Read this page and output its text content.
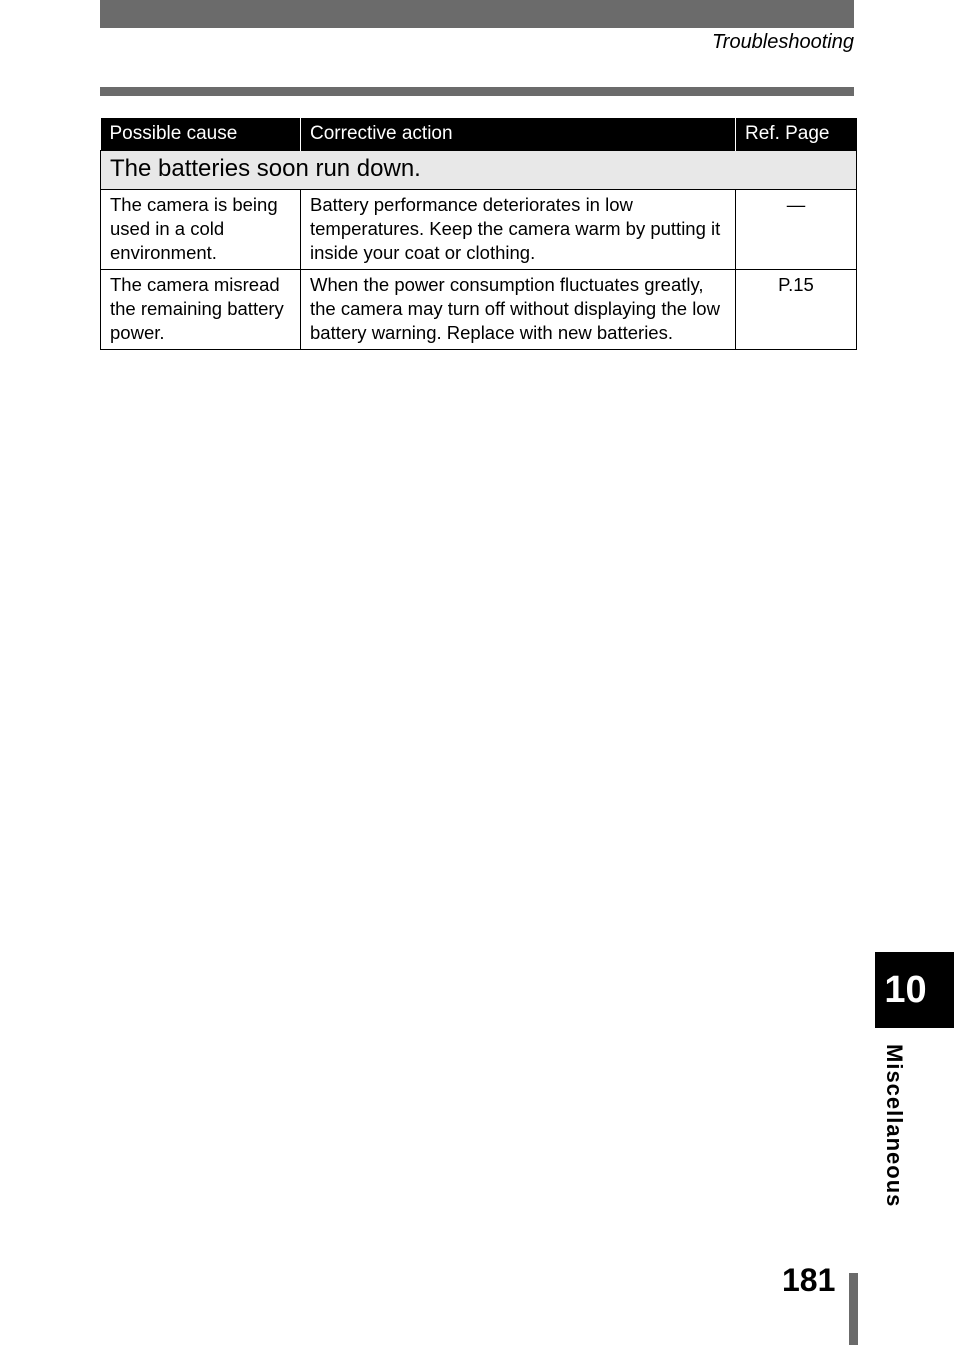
Troubleshooting
Possible cause	Corrective action	Ref. Page
The batteries soon run down.		
The camera is being used in a cold environment.	Battery performance deteriorates in low temperatures. Keep the camera warm by putting it inside your coat or clothing.	—
The camera misread the remaining battery power.	When the power consumption fluctuates greatly, the camera may turn off without displaying the low battery warning. Replace with new batteries.	P.15
10
Miscellaneous
181
